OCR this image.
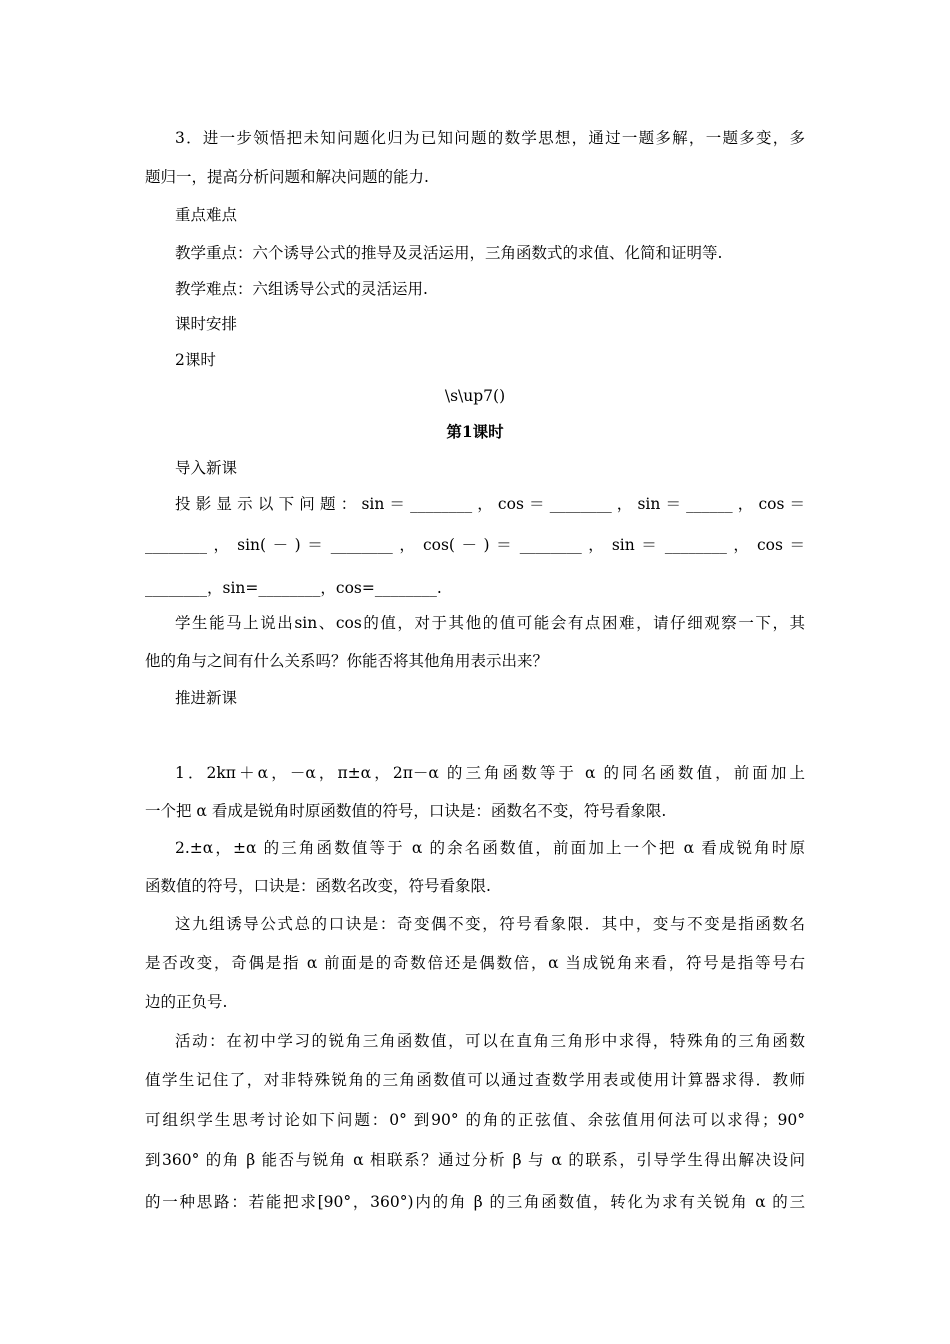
3．进一步领悟把未知问题化归为已知问题的数学思想，通过一题多解，一题多变，多
题归一，提高分析问题和解决问题的能力.
重点难点
教学重点：六个诱导公式的推导及灵活运用，三角函数式的求值、化简和证明等.
教学难点：六组诱导公式的灵活运用.
课时安排
2课时
\s\up7()
第1课时
导入新课
投 影 显 示 以 下 问 题 ： sin ＝ ________ ， cos ＝ ________ ， sin ＝ ______ ， cos ＝
________ ， sin( － ) ＝ ________ ， cos( － ) ＝ ________ ， sin ＝ ________ ， cos ＝
________，sin=________，cos=________.
学生能马上说出sin、cos的值，对于其他的值可能会有点困难，请仔细观察一下，其
他的角与之间有什么关系吗？你能否将其他角用表示出来？
推进新课
1．2kπ＋α，－α，π±α，2π－α 的三角函数等于 α 的同名函数值，前面加上
一个把 α 看成是锐角时原函数值的符号，口诀是：函数名不变，符号看象限.
2.±α，±α 的三角函数值等于 α 的余名函数值，前面加上一个把 α 看成锐角时原
函数值的符号，口诀是：函数名改变，符号看象限.
这九组诱导公式总的口诀是：奇变偶不变，符号看象限．其中，变与不变是指函数名
是否改变，奇偶是指 α 前面是的奇数倍还是偶数倍，α 当成锐角来看，符号是指等号右
边的正负号.
活动：在初中学习的锐角三角函数值，可以在直角三角形中求得，特殊角的三角函数
值学生记住了，对非特殊锐角的三角函数值可以通过查数学用表或使用计算器求得．教师
可组织学生思考讨论如下问题：0° 到90° 的角的正弦值、余弦值用何法可以求得；90°
到360° 的角 β 能否与锐角 α 相联系？通过分析 β 与 α 的联系，引导学生得出解决设问
的一种思路：若能把求[90°，360°)内的角 β 的三角函数值，转化为求有关锐角 α 的三
